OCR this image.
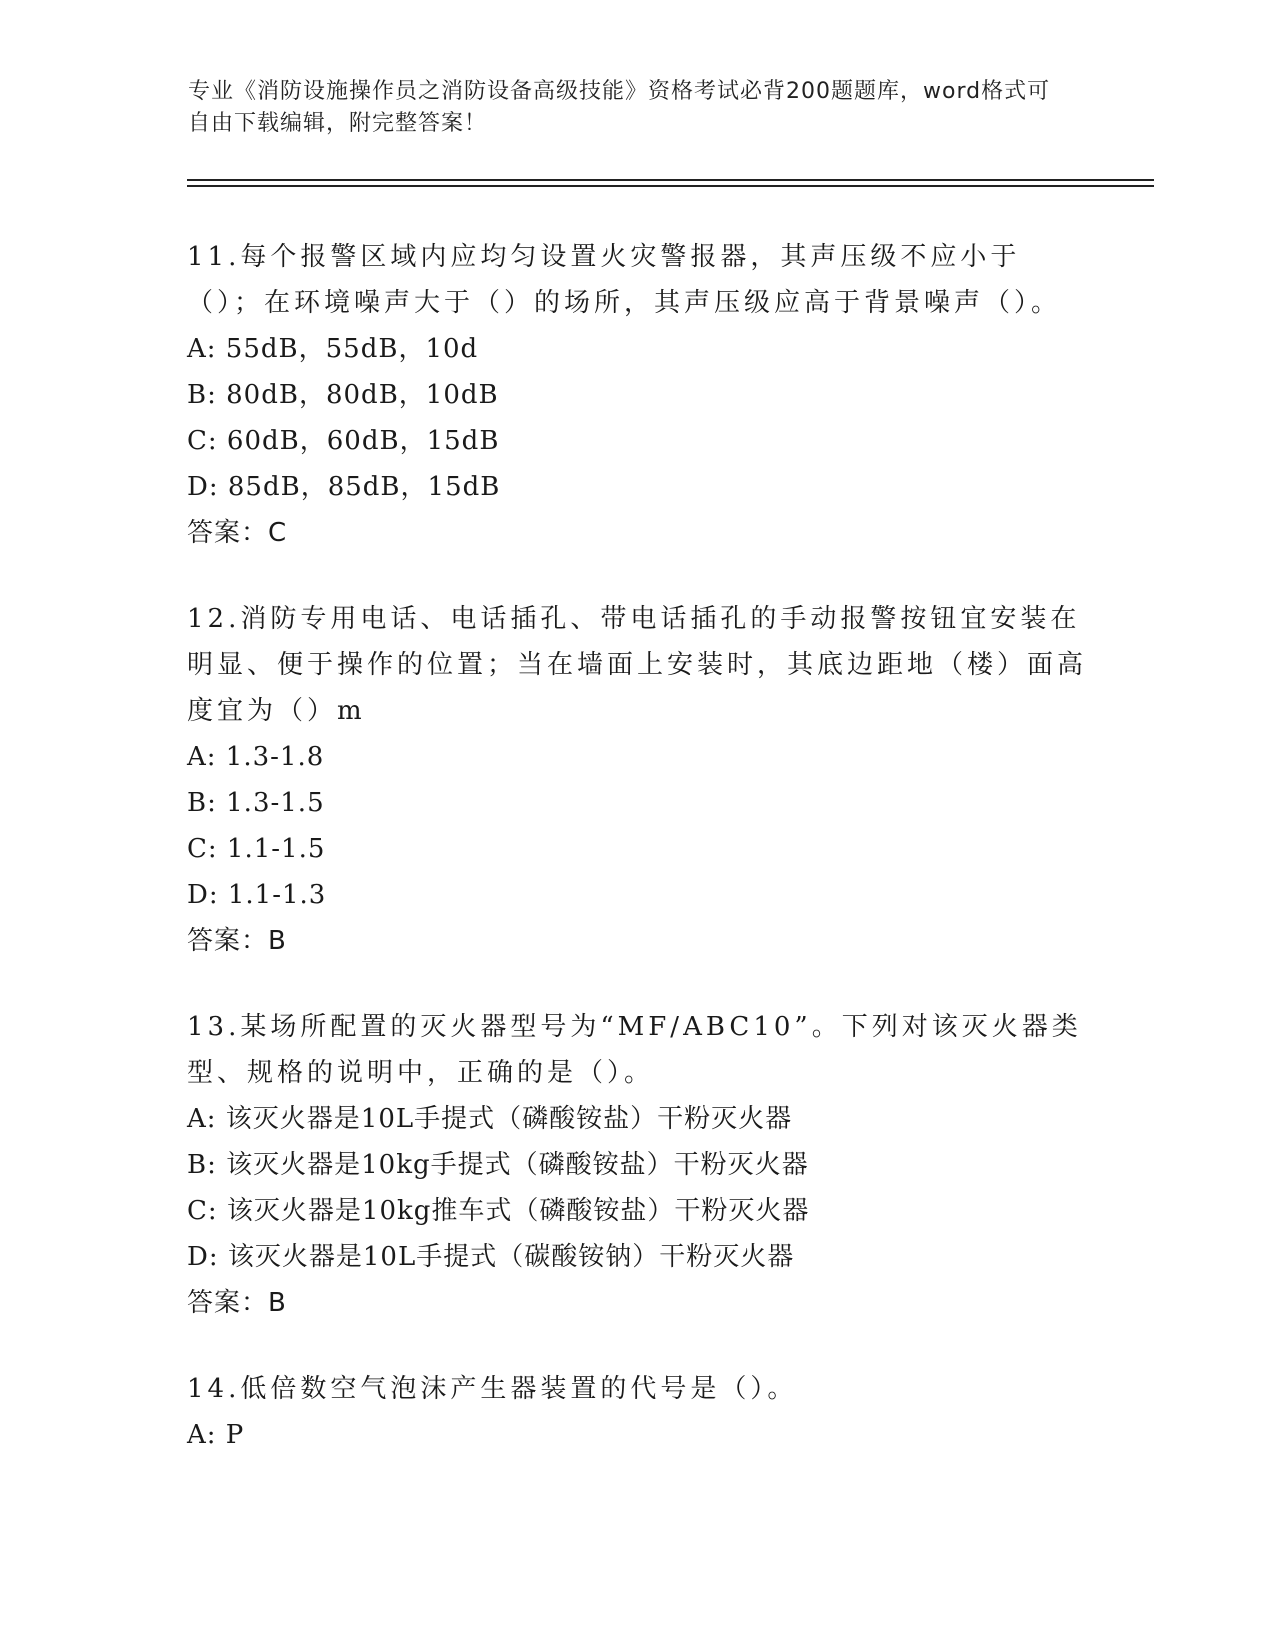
专业《消防设施操作员之消防设备高级技能》资格考试必背200题题库，word格式可自由下载编辑，附完整答案！
11.每个报警区域内应均匀设置火灾警报器，其声压级不应小于（）；在环境噪声大于（）的场所，其声压级应高于背景噪声（）。
A: 55dB，55dB，10d
B: 80dB，80dB，10dB
C: 60dB，60dB，15dB
D: 85dB，85dB，15dB
答案：C
12.消防专用电话、电话插孔、带电话插孔的手动报警按钮宜安装在明显、便于操作的位置；当在墙面上安装时，其底边距地（楼）面高度宜为（）m
A: 1.3-1.8
B: 1.3-1.5
C: 1.1-1.5
D: 1.1-1.3
答案：B
13.某场所配置的灭火器型号为“MF/ABC10”。下列对该灭火器类型、规格的说明中，正确的是（）。
A: 该灭火器是10L手提式（磷酸铵盐）干粉灭火器
B: 该灭火器是10kg手提式（磷酸铵盐）干粉灭火器
C: 该灭火器是10kg推车式（磷酸铵盐）干粉灭火器
D: 该灭火器是10L手提式（碳酸铵钠）干粉灭火器
答案：B
14.低倍数空气泡沫产生器装置的代号是（）。
A: P
